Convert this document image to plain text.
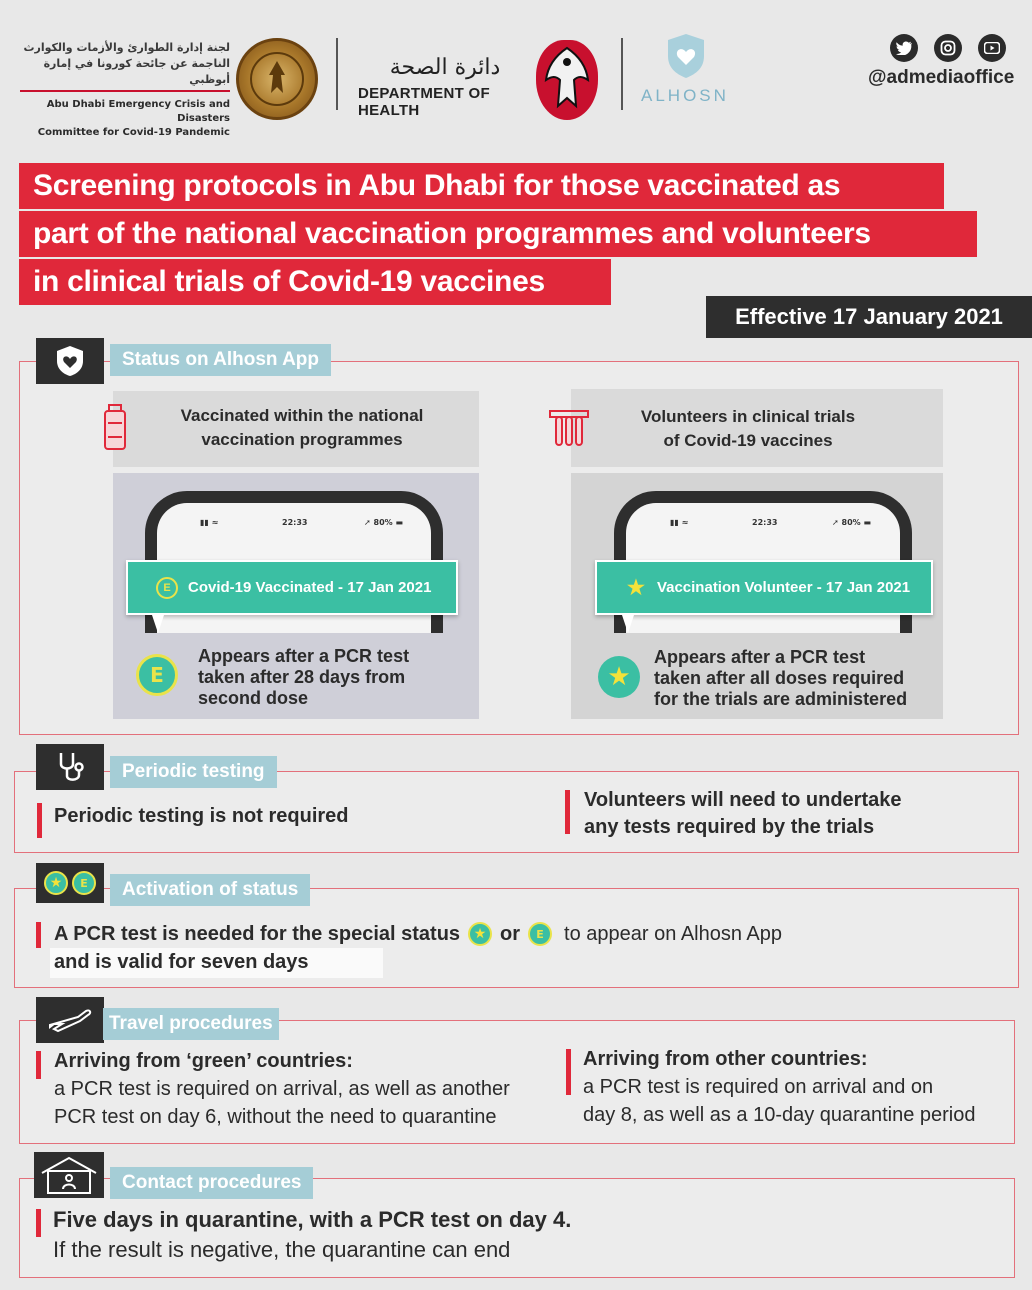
لجنة إدارة الطوارئ والأزمات والكوارث
الناجمة عن جائحة كورونا في إمارة أبوظبي
Abu Dhabi Emergency Crisis and Disasters
Committee for Covid-19 Pandemic
دائرة الصحة
DEPARTMENT OF HEALTH
ALHOSN
@admediaoffice
Screening protocols in Abu Dhabi for those vaccinated as
part of the national vaccination programmes and volunteers
in clinical trials of Covid-19 vaccines
Effective 17 January 2021
Status on Alhosn App
Vaccinated within the national
vaccination programmes
▮▮ ≈	22:33	➚ 80% ▬
E	Covid-19 Vaccinated - 17 Jan 2021
E
Appears after a PCR test
taken after 28 days from
second dose
Volunteers in clinical trials
of Covid-19 vaccines
▮▮ ≈	22:33	➚ 80% ▬
★ Vaccination Volunteer - 17 Jan 2021
★
Appears after a PCR test
taken after all doses required
for the trials are administered
Periodic testing
Periodic testing is not required
Volunteers will need to undertake
any tests required by the trials
★	E	Activation of status
A PCR test is needed for the special status ★ or	E	to appear on Alhosn App
and is valid for seven days
Travel procedures
Arriving from ‘green’ countries:
a PCR test is required on arrival, as well as another
PCR test on day 6, without the need to quarantine
Arriving from other countries:
a PCR test is required on arrival and on
day 8, as well as a 10-day quarantine period
Contact procedures
Five days in quarantine, with a PCR test on day 4.
If the result is negative, the quarantine can end
